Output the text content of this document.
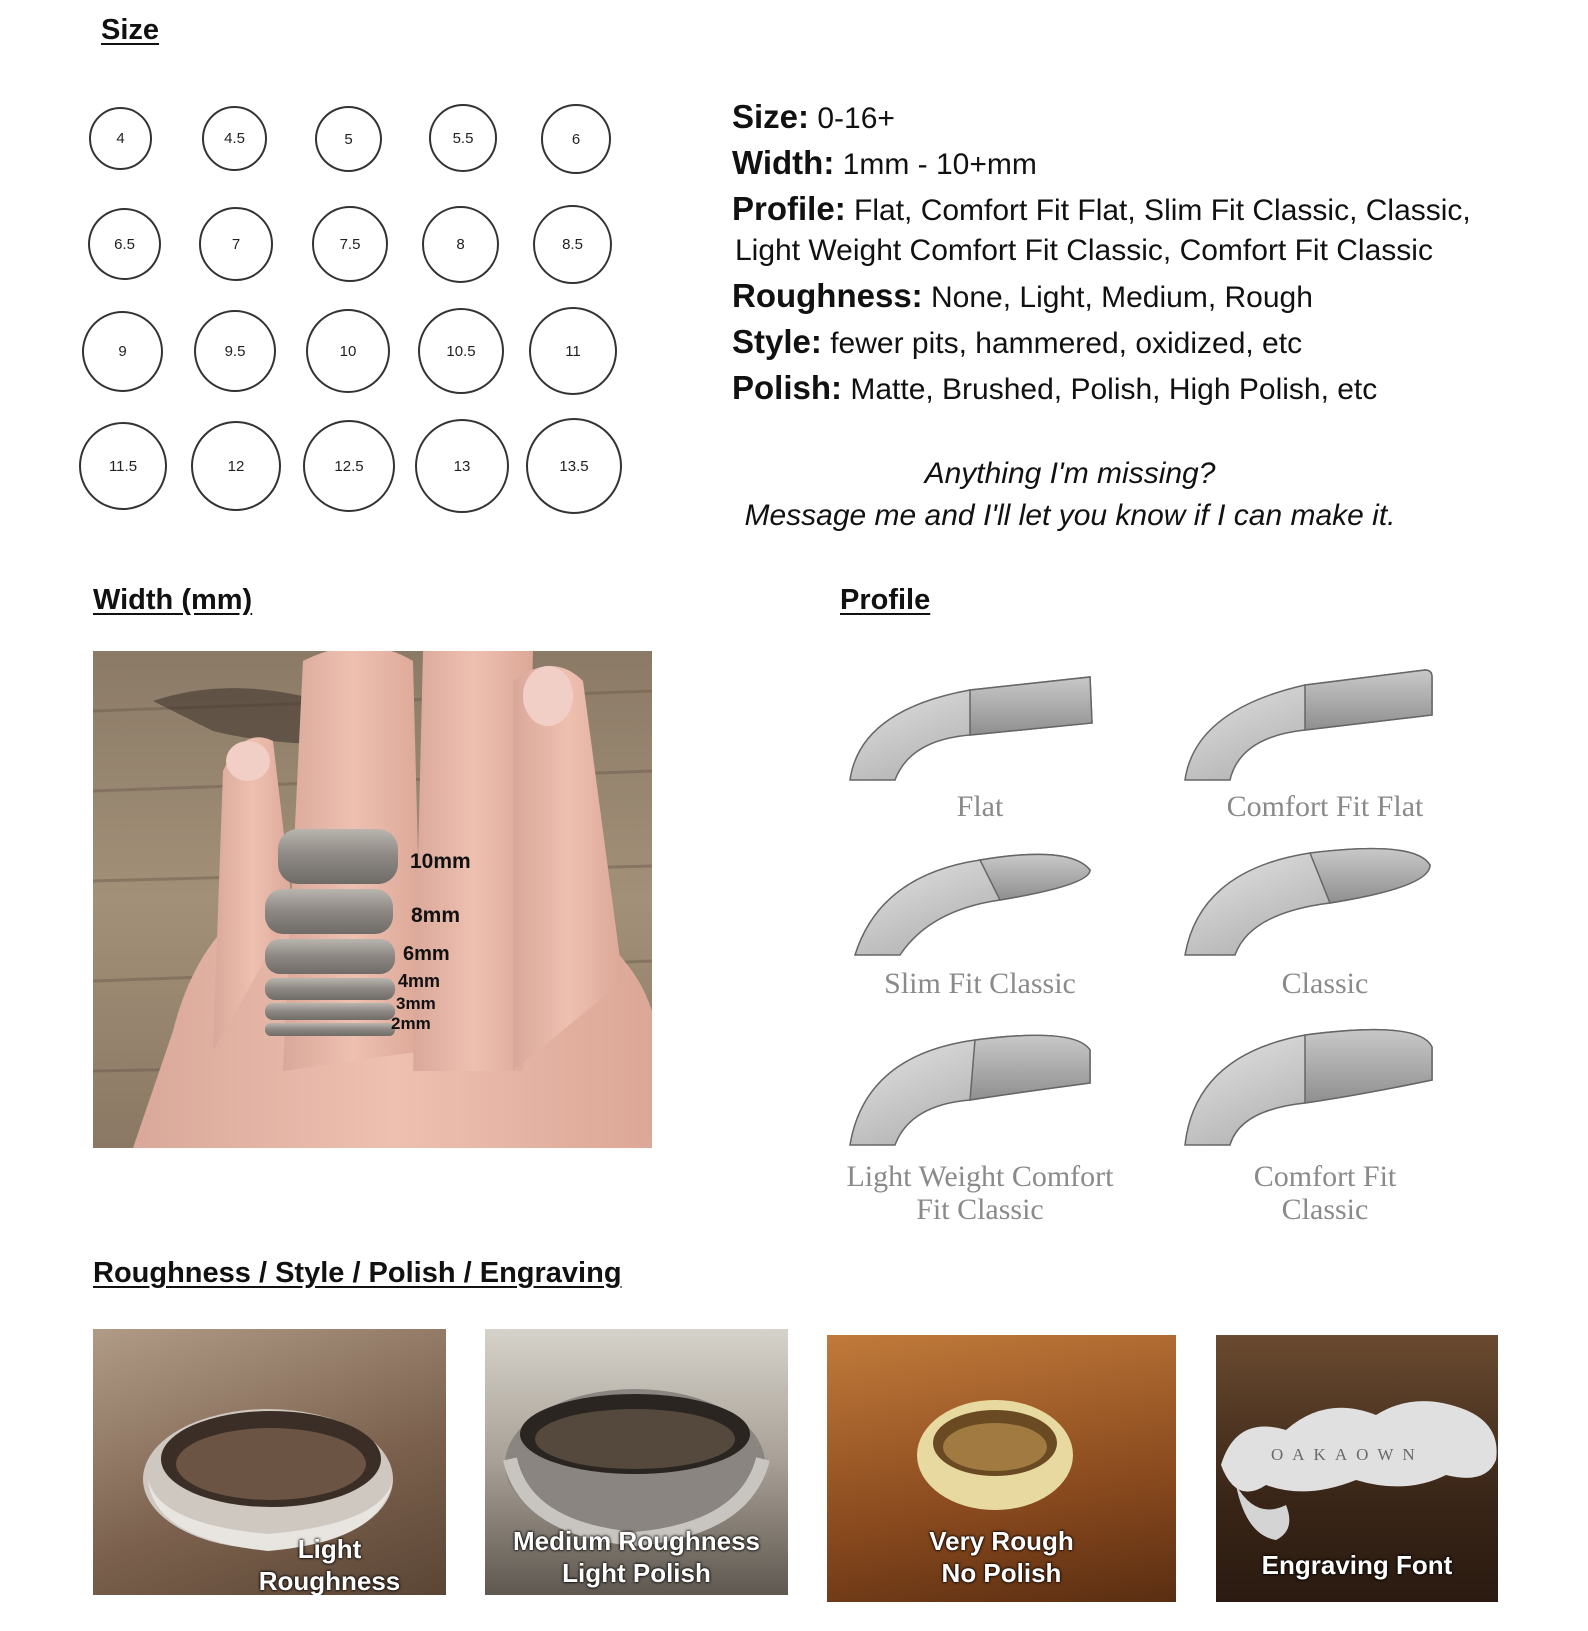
Size
Width (mm)	Profile
Roughness / Style / Polish / Engraving
4	4.5	5	5.5	6
6.5	7	7.5	8	8.5
9	9.5	10	10.5	11
11.5	12	12.5	13	13.5
Size: 0-16+
Width: 1mm - 10+mm
Profile: Flat, Comfort Fit Flat, Slim Fit Classic, Classic,
Light Weight Comfort Fit Classic, Comfort Fit Classic
Roughness: None, Light, Medium, Rough
Style: fewer pits, hammered, oxidized, etc
Polish: Matte, Brushed, Polish, High Polish, etc
Anything I'm missing?
Message me and I'll let you know if I can make it.
10mm
8mm
6mm
4mm
3mm
2mm
Flat	Comfort Fit Flat
Slim Fit Classic	Classic
Light Weight Comfort
Fit Classic
Comfort Fit
Classic
Light
Roughness
Medium Roughness
Light Polish
Very Rough
No Polish
OAKAOWN
Engraving Font
